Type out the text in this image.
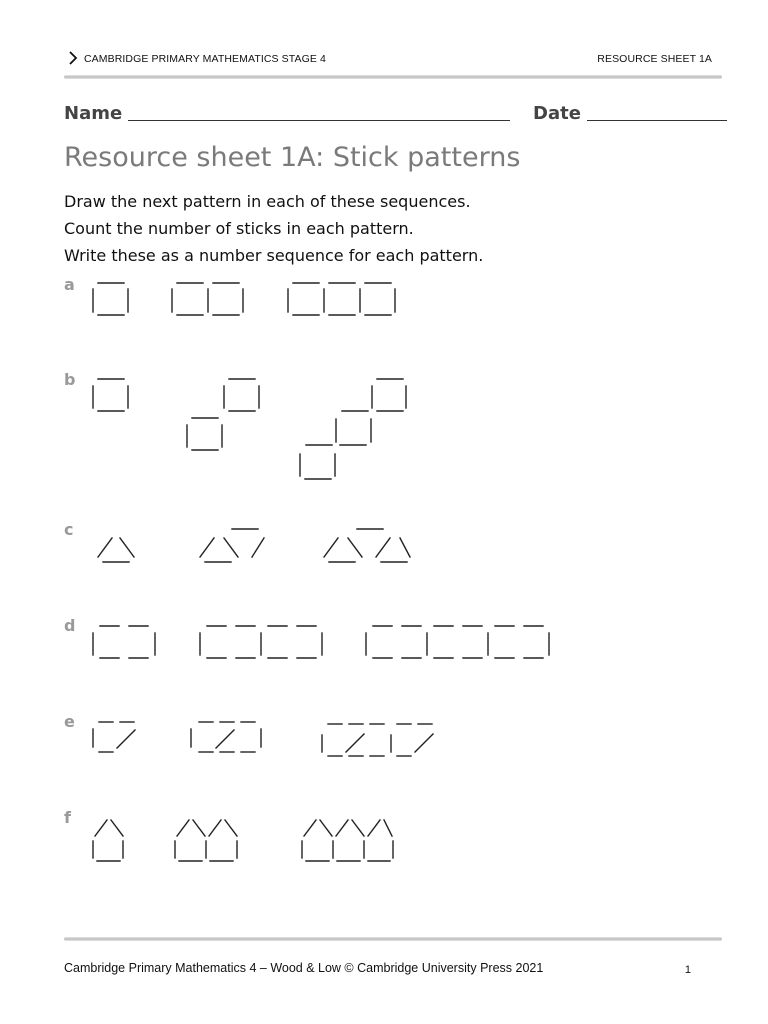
CAMBRIDGE PRIMARY MATHEMATICS STAGE 4	RESOURCE SHEET 1A
Name	Date
Resource sheet 1A: Stick patterns
Draw the next pattern in each of these sequences.
Count the number of sticks in each pattern.
Write these as a number sequence for each pattern.
a
b
c
d
e
f
Cambridge Primary Mathematics 4 – Wood & Low © Cambridge University Press 2021	1
